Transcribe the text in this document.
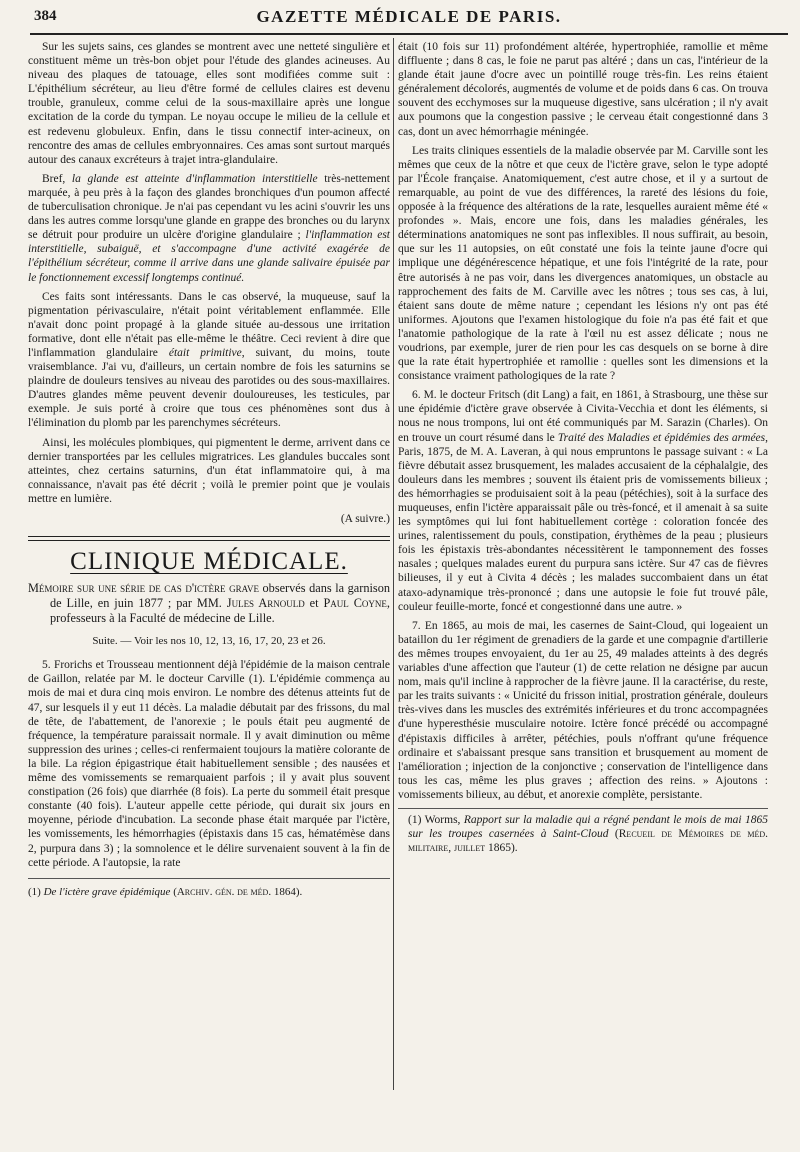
384	GAZETTE MÉDICALE DE PARIS.

Sur les sujets sains, ces glandes se montrent avec une netteté singulière et constituent même un très-bon objet pour l'étude des glandes acineuses. Au niveau des plaques de tatouage, elles sont modifiées comme suit : L'épithélium sécréteur, au lieu d'être formé de cellules claires est devenu trouble, granuleux, comme celui de la sous-maxillaire après une longue excitation de la corde du tympan. Le noyau occupe le milieu de la cellule et est redevenu globuleux. Enfin, dans le tissu connectif inter-acineux, on rencontre des amas de cellules embryonnaires. Ces amas sont surtout marqués autour des canaux excréteurs à trajet intra-glandulaire.

Bref, la glande est atteinte d'inflammation interstitielle très-nettement marquée, à peu près à la façon des glandes bronchiques d'un poumon affecté de tuberculisation chronique. Je n'ai pas cependant vu les acini s'ouvrir les uns dans les autres comme lorsqu'une glande en grappe des bronches ou du larynx se détruit pour produire un ulcère d'origine glandulaire ; l'inflammation est interstitielle, subaiguë, et s'accompagne d'une activité exagérée de l'épithélium sécréteur, comme il arrive dans une glande salivaire épuisée par le fonctionnement excessif longtemps continué.

Ces faits sont intéressants. Dans le cas observé, la muqueuse, sauf la pigmentation périvasculaire, n'était point véritablement enflammée. Elle n'avait donc point propagé à la glande située au-dessous une irritation formative, dont elle n'était pas elle-même le théâtre. Ceci revient à dire que l'inflammation glandulaire était primitive, suivant, du moins, toute vraisemblance. J'ai vu, d'ailleurs, un certain nombre de fois les saturnins se plaindre de douleurs tensives au niveau des parotides ou des sous-maxillaires. D'autres glandes même peuvent devenir douloureuses, les testicules, par exemple. Je suis porté à croire que tous ces phénomènes sont dus à l'élimination du plomb par les parenchymes sécréteurs.

Ainsi, les molécules plombiques, qui pigmentent le derme, arrivent dans ce dernier transportées par les cellules migratrices. Les glandules buccales sont atteintes, chez certains saturnins, d'un état inflammatoire qui, à ma connaissance, n'avait pas été décrit ; voilà le premier point que je voulais mettre en lumière.

(A suivre.)

CLINIQUE MÉDICALE.

Mémoire sur une série de cas d'ictère grave observés dans la garnison de Lille, en juin 1877 ; par MM. Jules Arnould et Paul Coyne, professeurs à la Faculté de médecine de Lille.

Suite. — Voir les nos 10, 12, 13, 16, 17, 20, 23 et 26.

5. Frorichs et Trousseau mentionnent déjà l'épidémie de la maison centrale de Gaillon, relatée par M. le docteur Carville (1). L'épidémie commença au mois de mai et dura cinq mois environ. Le nombre des détenus atteints fut de 47, sur lesquels il y eut 11 décès. La maladie débutait par des frissons, du mal de tête, de l'abattement, de l'anorexie ; le pouls était peu augmenté de fréquence, la température paraissait normale. Il y avait diminution ou même suppression des urines ; celles-ci renfermaient toujours la matière colorante de la bile. La région épigastrique était habituellement sensible ; des nausées et même des vomissements se remarquaient parfois ; il y avait plus souvent constipation (26 fois) que diarrhée (8 fois). La perte du sommeil était presque constante (40 fois). L'auteur appelle cette période, qui durait six jours en moyenne, période d'incubation. La seconde phase était marquée par l'ictère, les vomissements, les hémorrhagies (épistaxis dans 15 cas, hématémèse dans 2, purpura dans 3) ; la somnolence et le délire survenaient souvent à la fin de cette période. A l'autopsie, la rate

(1) De l'ictère grave épidémique (Archiv. gén. de méd. 1864).

était (10 fois sur 11) profondément altérée, hypertrophiée, ramollie et même diffluente ; dans 8 cas, le foie ne parut pas altéré ; dans un cas, l'intérieur de la glande était jaune d'ocre avec un pointillé rouge très-fin. Les reins étaient généralement décolorés, augmentés de volume et de poids dans 6 cas. On trouva souvent des ecchymoses sur la muqueuse digestive, sans ulcération ; il n'y avait aux poumons que la congestion passive ; le cerveau était congestionné dans 3 cas, dont un avec hémorrhagie méningée.

Les traits cliniques essentiels de la maladie observée par M. Carville sont les mêmes que ceux de la nôtre et que ceux de l'ictère grave, selon le type adopté par l'École française. Anatomiquement, c'est autre chose, et il y a surtout de remarquable, au point de vue des différences, la rareté des lésions du foie, opposée à la fréquence des altérations de la rate, lesquelles auraient même été « profondes ». Mais, encore une fois, dans les maladies générales, les déterminations anatomiques ne sont pas inflexibles. Il nous suffirait, au besoin, que sur les 11 autopsies, on eût constaté une fois la teinte jaune d'ocre qui implique une dégénérescence hépatique, et une fois l'intégrité de la rate, pour être autorisés à ne pas voir, dans les divergences anatomiques, un obstacle au rapprochement des faits de M. Carville avec les nôtres ; tous ses cas, à lui, étaient sans doute de même nature ; cependant les lésions n'y ont pas été uniformes. Ajoutons que l'examen histologique du foie n'a pas été fait et que l'anatomie pathologique de la rate à l'œil nu est assez délicate ; nous ne voudrions, par exemple, jurer de rien pour les cas desquels on se borne à dire que la rate était hypertrophiée et ramollie : quelles sont les dimensions et la consistance vraiment pathologiques de la rate ?

6. M. le docteur Fritsch (dit Lang) a fait, en 1861, à Strasbourg, une thèse sur une épidémie d'ictère grave observée à Civita-Vecchia et dont les éléments, si nous ne nous trompons, lui ont été communiqués par M. Sarazin (Charles). On en trouve un court résumé dans le Traité des Maladies et épidémies des armées, Paris, 1875, de M. A. Laveran, à qui nous empruntons le passage suivant : « La fièvre débutait assez brusquement, les malades accusaient de la céphalalgie, des douleurs dans les membres ; souvent ils étaient pris de vomissements bilieux ; des hémorrhagies se produisaient soit à la peau (pétéchies), soit à la surface des muqueuses, enfin l'ictère apparaissait pâle ou très-foncé, et il amenait à sa suite les symptômes qui lui font habituellement cortège : coloration foncée des urines, ralentissement du pouls, constipation, érythèmes de la peau ; plusieurs fois les épistaxis très-abondantes nécessitèrent le tamponnement des fosses nasales ; quelques malades eurent du purpura sans ictère. Sur 47 cas de fièvres bilieuses, il y eut à Civita 4 décès ; les malades succombaient dans un état ataxo-adynamique très-prononcé ; dans une autopsie le foie fut trouvé pâle, couleur feuille-morte, foncé et congestionné dans une autre. »

7. En 1865, au mois de mai, les casernes de Saint-Cloud, qui logeaient un bataillon du 1er régiment de grenadiers de la garde et une compagnie d'artillerie des mêmes troupes envoyaient, du 1er au 25, 49 malades atteints à des degrés variables d'une affection que l'auteur (1) de cette relation ne désigne par aucun nom, mais qu'il incline à rapprocher de la fièvre jaune. Il la caractérise, du reste, par les traits suivants : « Unicité du frisson initial, prostration générale, douleurs très-vives dans les muscles des extrémités inférieures et du tronc accompagnées d'une hyperesthésie musculaire notoire. Ictère foncé précédé ou accompagné d'épistaxis difficiles à arrêter, pétéchies, pouls n'offrant qu'une fréquence ordinaire et s'abaissant presque sans transition et brusquement au moment de l'amélioration ; injection de la conjonctive ; conservation de l'intelligence dans tous les cas, même les plus graves ; affection des reins. » Ajoutons : vomissements bilieux, au début, et anorexie complète, persistante.

(1) Worms, Rapport sur la maladie qui a régné pendant le mois de mai 1865 sur les troupes casernées à Saint-Cloud (Recueil de Mémoires de méd. militaire, juillet 1865).
